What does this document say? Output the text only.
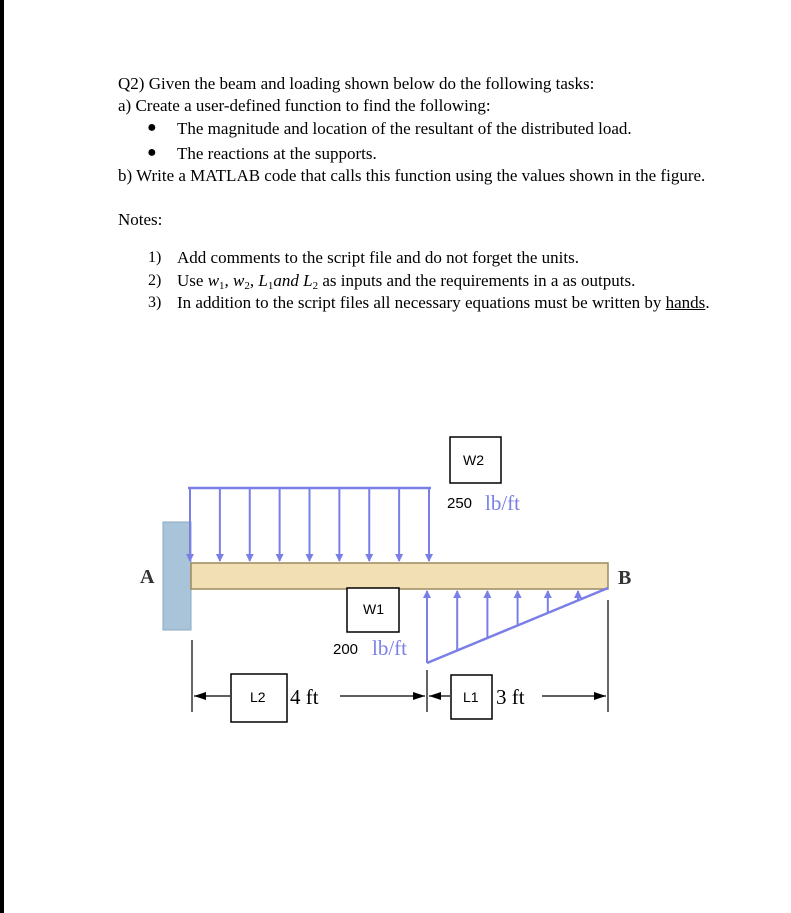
Q2) Given the beam and loading shown below do the following tasks:
a) Create a user-defined function to find the following:
● The magnitude and location of the resultant of the distributed load.
● The reactions at the supports.
b) Write a MATLAB code that calls this function using the values shown in the figure.
Notes:
1) Add comments to the script file and do not forget the units.
2) Use $w_1$, $w_2$, $L_1and$ $L_2$ as inputs and the requirements in a as outputs.
3) In addition to the script files all necessary equations must be written by hands.
A	B
W2
250 lb/ft
W1
200 lb/ft
L2 4 ft	L1 3 ft
